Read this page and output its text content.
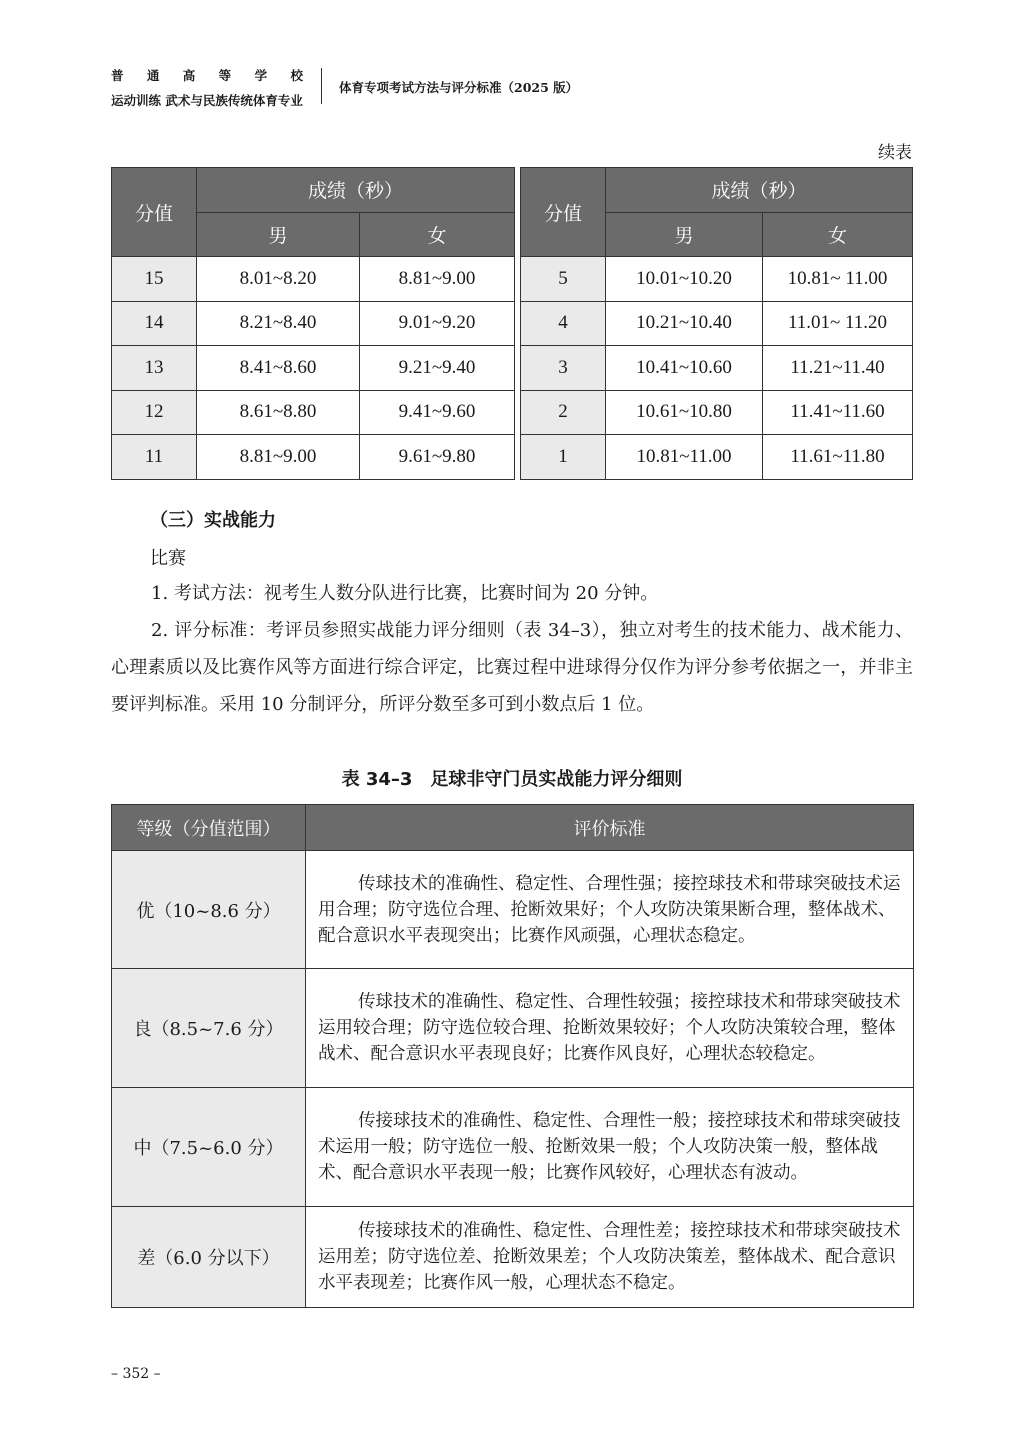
普 通 高 等 学 校
运动训练 武术与民族传统体育专业
体育专项考试方法与评分标准（2025 版）
续表
分值	成绩（秒）	
	男	女
15	8.01~8.20	8.81~9.00
14	8.21~8.40	9.01~9.20
13	8.41~8.60	9.21~9.40
12	8.61~8.80	9.41~9.60
11	8.81~9.00	9.61~9.80
分值	成绩（秒）	
	男	女
5	10.01~10.20	10.81~ 11.00
4	10.21~10.40	11.01~ 11.20
3	10.41~10.60	11.21~11.40
2	10.61~10.80	11.41~11.60
1	10.81~11.00	11.61~11.80
（三）实战能力
比赛
1. 考试方法：视考生人数分队进行比赛，比赛时间为 20 分钟。
2. 评分标准：考评员参照实战能力评分细则（表 34–3），独立对考生的技术能力、战术能力、心理素质以及比赛作风等方面进行综合评定，比赛过程中进球得分仅作为评分参考依据之一，并非主要评判标准。采用 10 分制评分，所评分数至多可到小数点后 1 位。
表 34–3　足球非守门员实战能力评分细则
等级（分值范围）	评价标准
优（10~8.6 分）	传球技术的准确性、稳定性、合理性强；接控球技术和带球突破技术运用合理；防守选位合理、抢断效果好；个人攻防决策果断合理，整体战术、配合意识水平表现突出；比赛作风顽强，心理状态稳定。
良（8.5~7.6 分）	传球技术的准确性、稳定性、合理性较强；接控球技术和带球突破技术运用较合理；防守选位较合理、抢断效果较好；个人攻防决策较合理，整体战术、配合意识水平表现良好；比赛作风良好，心理状态较稳定。
中（7.5~6.0 分）	传接球技术的准确性、稳定性、合理性一般；接控球技术和带球突破技术运用一般；防守选位一般、抢断效果一般；个人攻防决策一般，整体战术、配合意识水平表现一般；比赛作风较好，心理状态有波动。
差（6.0 分以下）	传接球技术的准确性、稳定性、合理性差；接控球技术和带球突破技术运用差；防守选位差、抢断效果差；个人攻防决策差，整体战术、配合意识水平表现差；比赛作风一般，心理状态不稳定。
– 352 –
